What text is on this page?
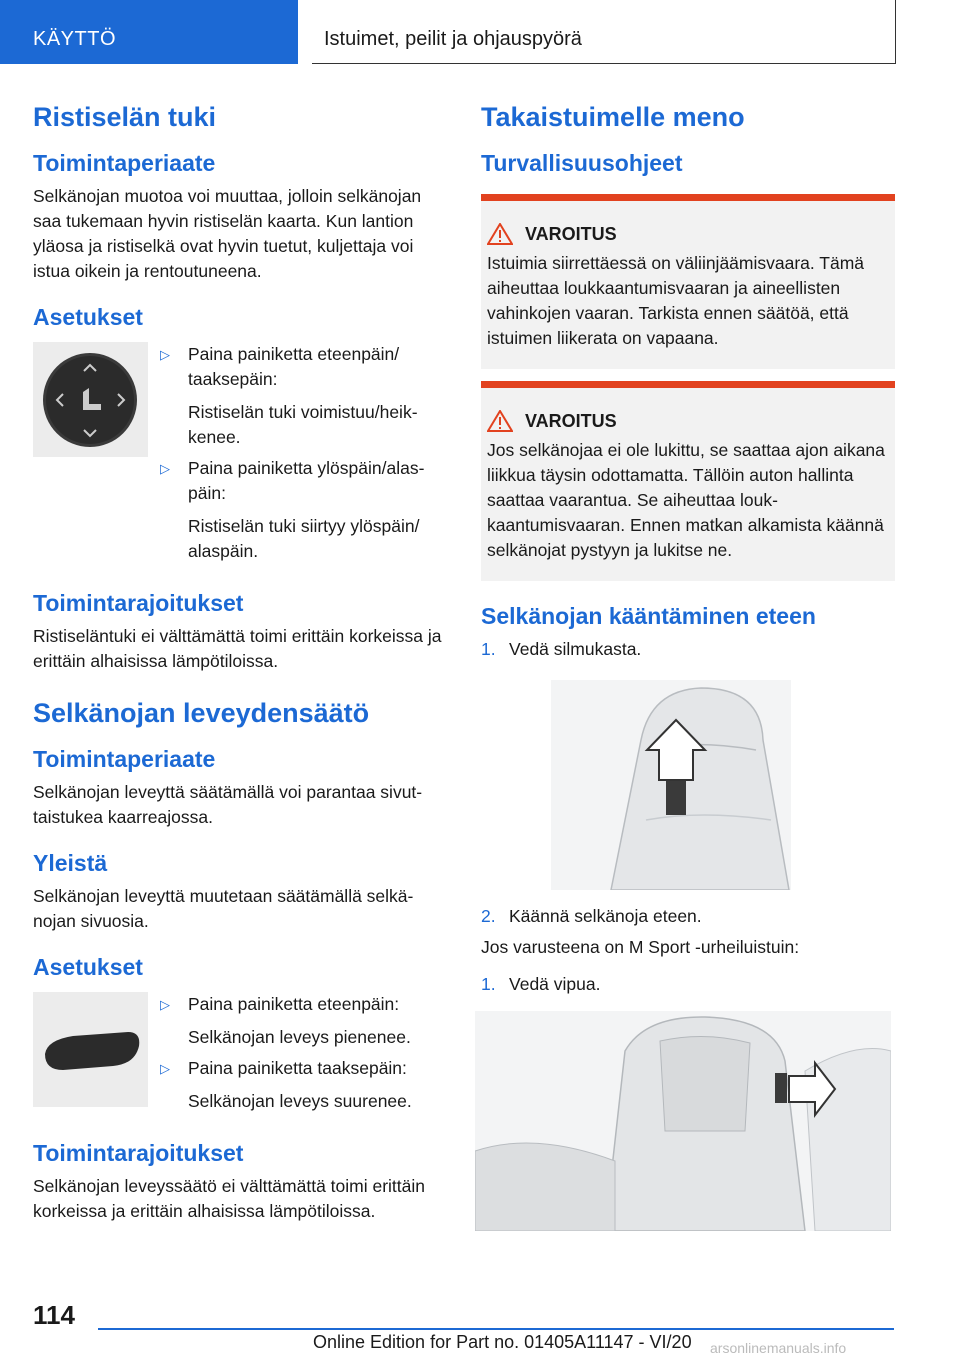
KÄYTTÖ	Istuimet, peilit ja ohjauspyörä
Ristiselän tuki
Toimintaperiaate

Selkänojan muotoa voi muuttaa, jolloin selkänojan saa tukemaan hyvin ristiselän kaarta. Kun lantion yläosa ja ristiselkä ovat hyvin tuetut, kuljettaja voi istua oikein ja rentoutuneena.

Asetukset
▷	Paina painiketta eteenpäin/ taaksepäin:

Ristiselän tuki voimistuu/heikkenee.

▷	Paina painiketta ylöspäin/alaspäin:

Ristiselän tuki siirtyy ylöspäin/ alaspäin.

Toimintarajoitukset

Ristiseläntuki ei välttämättä toimi erittäin korkeissa ja erittäin alhaisissa lämpötiloissa.

Selkänojan leveydensäätö
Toimintaperiaate

Selkänojan leveyttä säätämällä voi parantaa sivuttaistukea kaarreajossa.

Yleistä

Selkänojan leveyttä muutetaan säätämällä selkänojan sivuosia.

Asetukset
▷	Paina painiketta eteenpäin:

Selkänojan leveys pienenee.

▷	Paina painiketta taaksepäin:

Selkänojan leveys suurenee.

Toimintarajoitukset

Selkänojan leveyssäätö ei välttämättä toimi erittäin korkeissa ja erittäin alhaisissa lämpötiloissa.

Takaistuimelle meno
Turvallisuusohjeet
VAROITUS

Istuimia siirrettäessä on väliinjäämisvaara. Tämä aiheuttaa loukkaantumisvaaran ja aineellisten vahinkojen vaaran. Tarkista ennen säätöä, että istuimen liikerata on vapaana.

VAROITUS

Jos selkänojaa ei ole lukittu, se saattaa ajon aikana liikkua täysin odottamatta. Tällöin auton hallinta saattaa vaarantua. Se aiheuttaa loukkaantumisvaaran. Ennen matkan alkamista käännä selkänojat pystyyn ja lukitse ne.

Selkänojan kääntäminen eteen
1. Vedä silmukasta.

2. Käännä selkänoja eteen.

Jos varusteena on M Sport -urheiluistuin:

1. Vedä vipua.

114
Online Edition for Part no. 01405A11147 - VI/20 arsonlinemanuals.info
